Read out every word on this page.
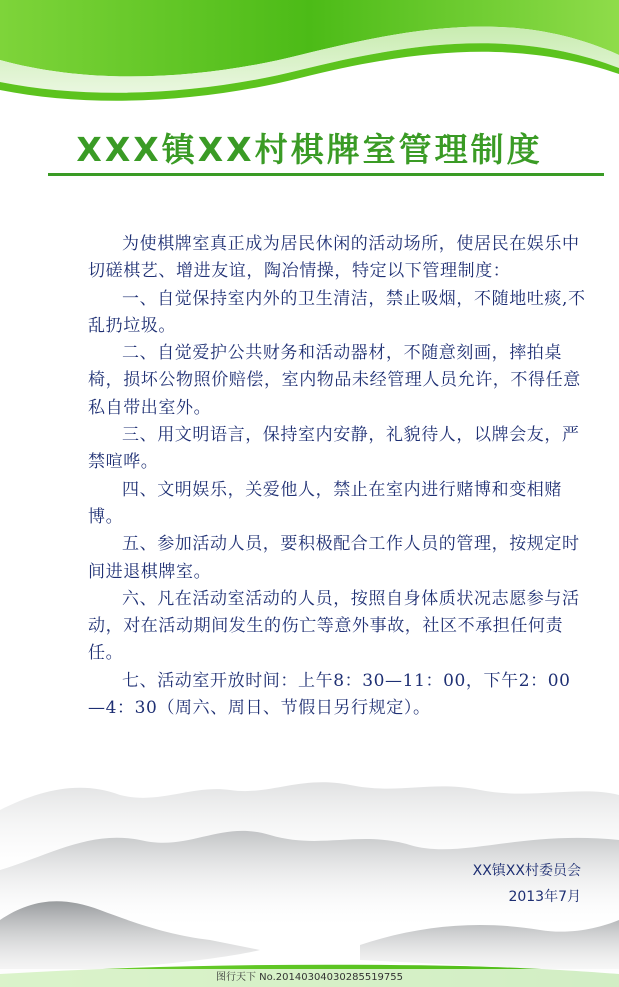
XXX镇XX村棋牌室管理制度

为使棋牌室真正成为居民休闲的活动场所，使居民在娱乐中切磋棋艺、增进友谊，陶冶情操，特定以下管理制度：

一、自觉保持室内外的卫生清洁，禁止吸烟，不随地吐痰,不乱扔垃圾。

二、自觉爱护公共财务和活动器材，不随意刻画，摔拍桌椅，损坏公物照价赔偿，室内物品未经管理人员允许，不得任意私自带出室外。

三、用文明语言，保持室内安静，礼貌待人，以牌会友，严禁喧哗。

四、文明娱乐，关爱他人，禁止在室内进行赌博和变相赌博。

五、参加活动人员，要积极配合工作人员的管理，按规定时间进退棋牌室。

六、凡在活动室活动的人员，按照自身体质状况志愿参与活动，对在活动期间发生的伤亡等意外事故，社区不承担任何责任。

七、活动室开放时间：上午8：30—11：00，下午2：00—4：30（周六、周日、节假日另行规定）。

XX镇XX村委员会
2013年7月
图行天下 No.20140304030285519755
